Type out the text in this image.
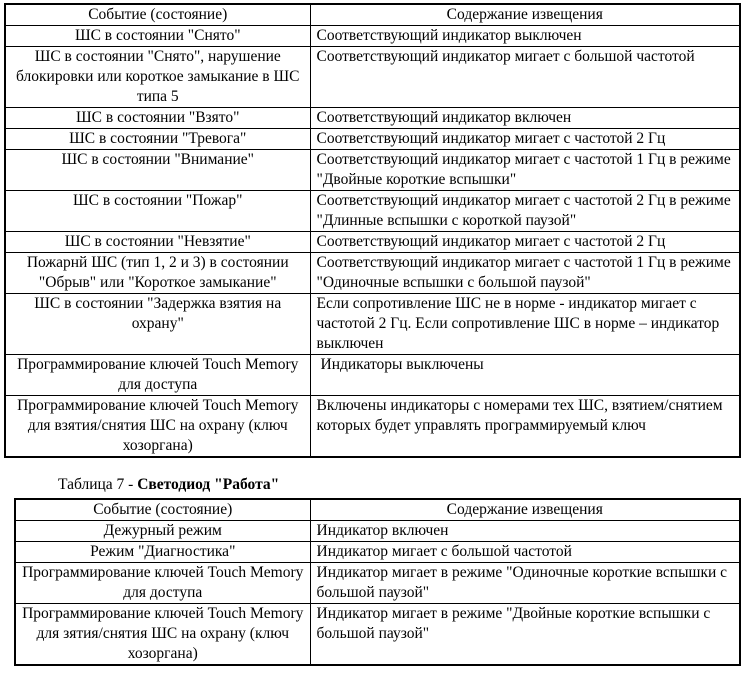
Событие (состояние)	Содержание извещения
ШС в состоянии "Снято"	Соответствующий индикатор выключен
ШС в состоянии "Снято", нарушение блокировки или короткое замыкание в ШС типа 5	Соответствующий индикатор мигает с большой частотой
ШС в состоянии "Взято"	Соответствующий индикатор включен
ШС в состоянии "Тревога"	Соответствующий индикатор мигает с частотой 2 Гц
ШС в состоянии "Внимание"	Соответствующий индикатор мигает с частотой 1 Гц в режиме "Двойные короткие вспышки"
ШС в состоянии "Пожар"	Соответствующий индикатор мигает с частотой 2 Гц в режиме "Длинные вспышки с короткой паузой"
ШС в состоянии "Невзятие"	Соответствующий индикатор мигает с частотой 2 Гц
Пожарнй ШС (тип 1, 2 и 3) в состоянии "Обрыв" или "Короткое замыкание"	Соответствующий индикатор мигает с частотой 1 Гц в режиме "Одиночные вспышки с большой паузой"
ШС в состоянии "Задержка взятия на охрану"	Если сопротивление ШС не в норме - индикатор мигает с частотой 2 Гц. Если сопротивление ШС в норме – индикатор выключен
Программирование ключей Touch Memory для доступа	Индикаторы выключены
Программирование ключей Touch Memory для взятия/снятия ШС на охрану (ключ хозоргана)	Включены индикаторы с номерами тех ШС, взятием/снятием которых будет управлять программируемый ключ
Таблица 7 - Светодиод "Работа"
Событие (состояние)	Содержание извещения
Дежурный режим	Индикатор включен
Режим "Диагностика"	Индикатор мигает с большой частотой
Программирование ключей Touch Memory для доступа	Индикатор мигает в режиме "Одиночные короткие вспышки с большой паузой"
Программирование ключей Touch Memory для зятия/снятия ШС на охрану (ключ хозоргана)	Индикатор мигает в режиме "Двойные короткие вспышки с большой паузой"
